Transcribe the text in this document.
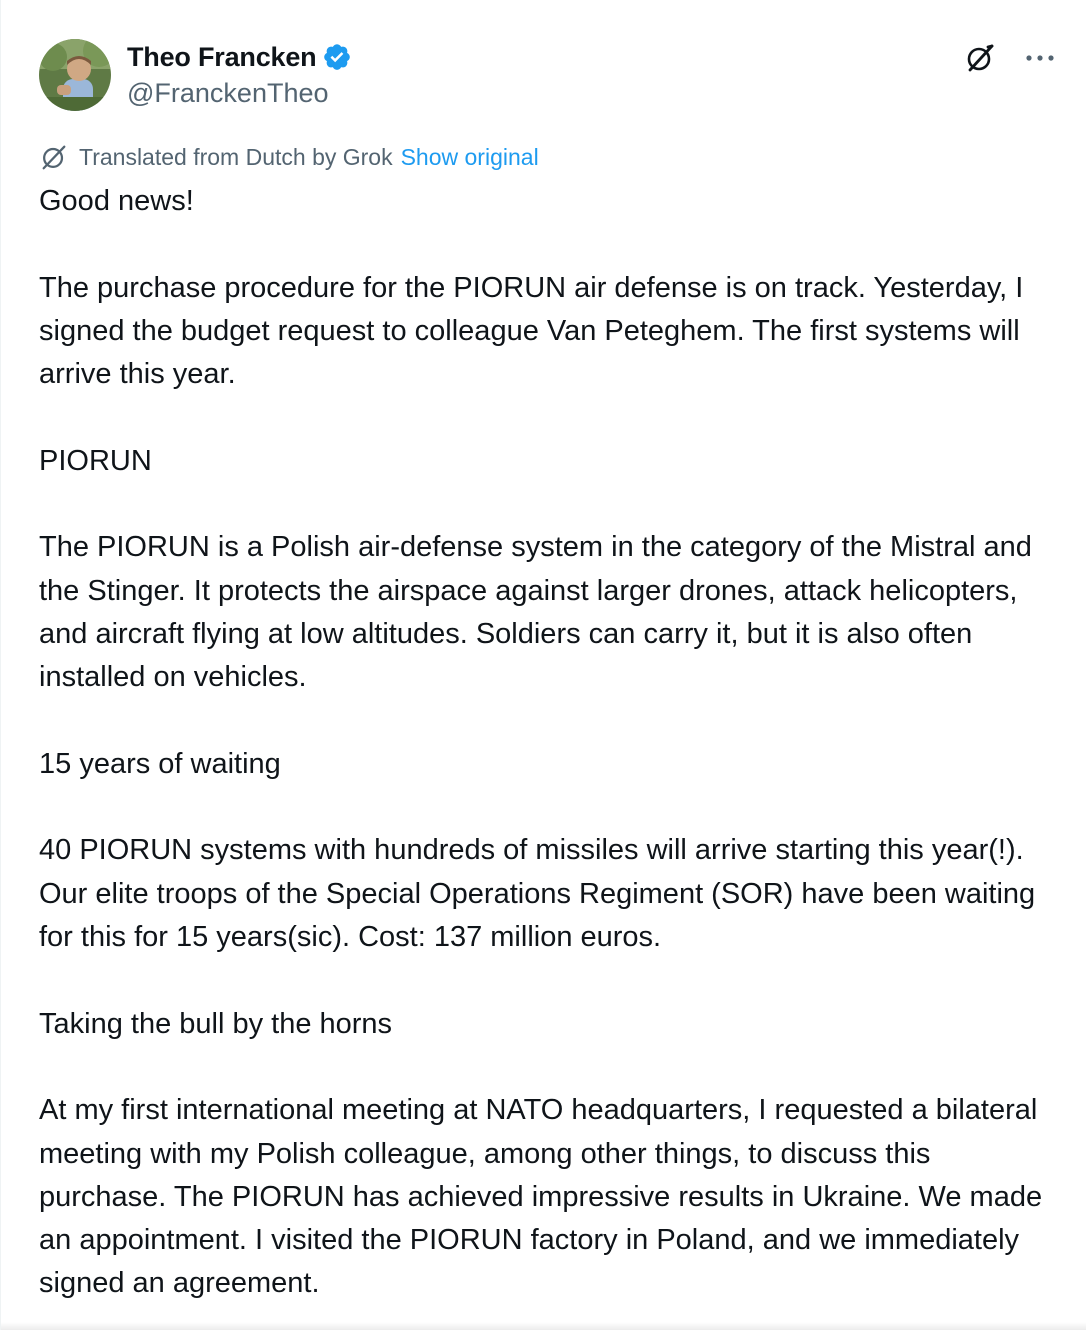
Theo Francken
@FranckenTheo
Translated from Dutch by Grok Show original

Good news!

The purchase procedure for the PIORUN air defense is on track. Yesterday, I signed the budget request to colleague Van Peteghem. The first systems will arrive this year.

PIORUN

The PIORUN is a Polish air-defense system in the category of the Mistral and the Stinger. It protects the airspace against larger drones, attack helicopters, and aircraft flying at low altitudes. Soldiers can carry it, but it is also often installed on vehicles.

15 years of waiting

40 PIORUN systems with hundreds of missiles will arrive starting this year(!). Our elite troops of the Special Operations Regiment (SOR) have been waiting for this for 15 years(sic). Cost: 137 million euros.

Taking the bull by the horns

At my first international meeting at NATO headquarters, I requested a bilateral meeting with my Polish colleague, among other things, to discuss this purchase. The PIORUN has achieved impressive results in Ukraine. We made an appointment. I visited the PIORUN factory in Poland, and we immediately signed an agreement.
